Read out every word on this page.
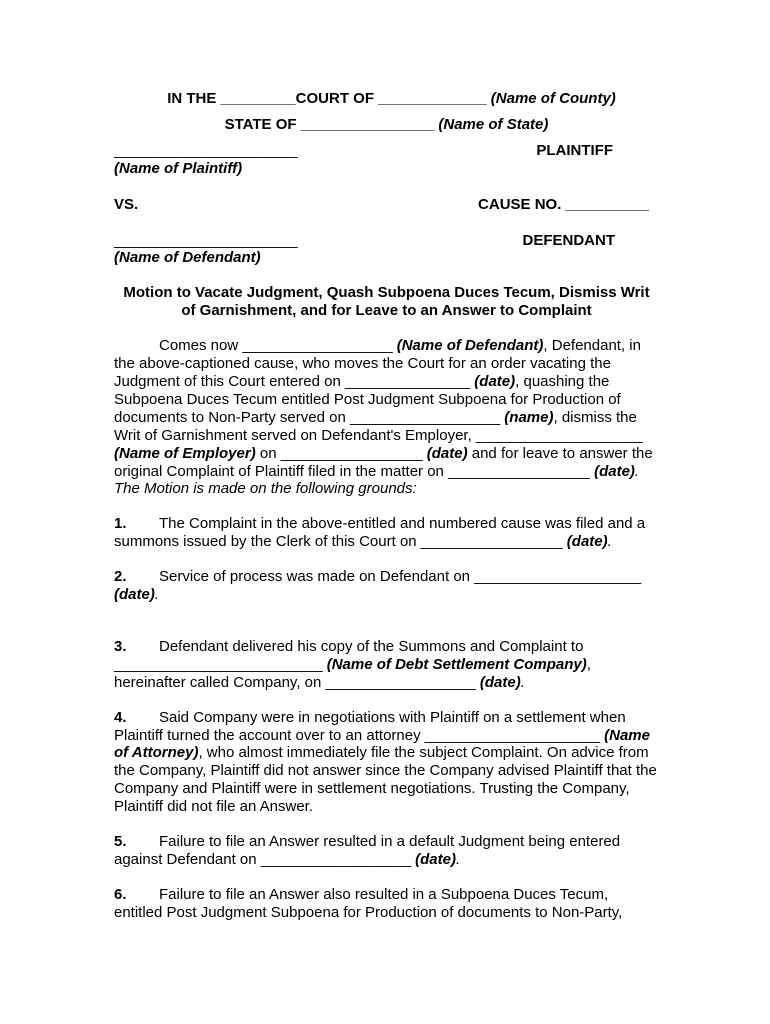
IN THE _________COURT OF _____________ (Name of County)

STATE OF ________________ (Name of State)

______________________	PLAINTIFF

(Name of Plaintiff)

VS.	CAUSE NO. __________
______________________	DEFENDANT

(Name of Defendant)

Motion to Vacate Judgment, Quash Subpoena Duces Tecum, Dismiss Writ
of Garnishment, and for Leave to an Answer to Complaint

Comes now __________________ (Name of Defendant), Defendant, in the above-captioned cause, who moves the Court for an order vacating the Judgment of this Court entered on _______________ (date), quashing the Subpoena Duces Tecum entitled Post Judgment Subpoena for Production of documents to Non-Party served on __________________ (name), dismiss the Writ of Garnishment served on Defendant's Employer, ____________________ (Name of Employer) on _________________ (date) and for leave to answer the original Complaint of Plaintiff filed in the matter on _________________ (date). The Motion is made on the following grounds:

1. The Complaint in the above-entitled and numbered cause was filed and a summons issued by the Clerk of this Court on _________________ (date).

2. Service of process was made on Defendant on ____________________ (date).

3. Defendant delivered his copy of the Summons and Complaint to _________________________ (Name of Debt Settlement Company), hereinafter called Company, on __________________ (date).

4. Said Company were in negotiations with Plaintiff on a settlement when Plaintiff turned the account over to an attorney _____________________ (Name of Attorney), who almost immediately file the subject Complaint. On advice from the Company, Plaintiff did not answer since the Company advised Plaintiff that the Company and Plaintiff were in settlement negotiations. Trusting the Company, Plaintiff did not file an Answer.

5. Failure to file an Answer resulted in a default Judgment being entered against Defendant on __________________ (date).

6. Failure to file an Answer also resulted in a Subpoena Duces Tecum, entitled Post Judgment Subpoena for Production of documents to Non-Party,
